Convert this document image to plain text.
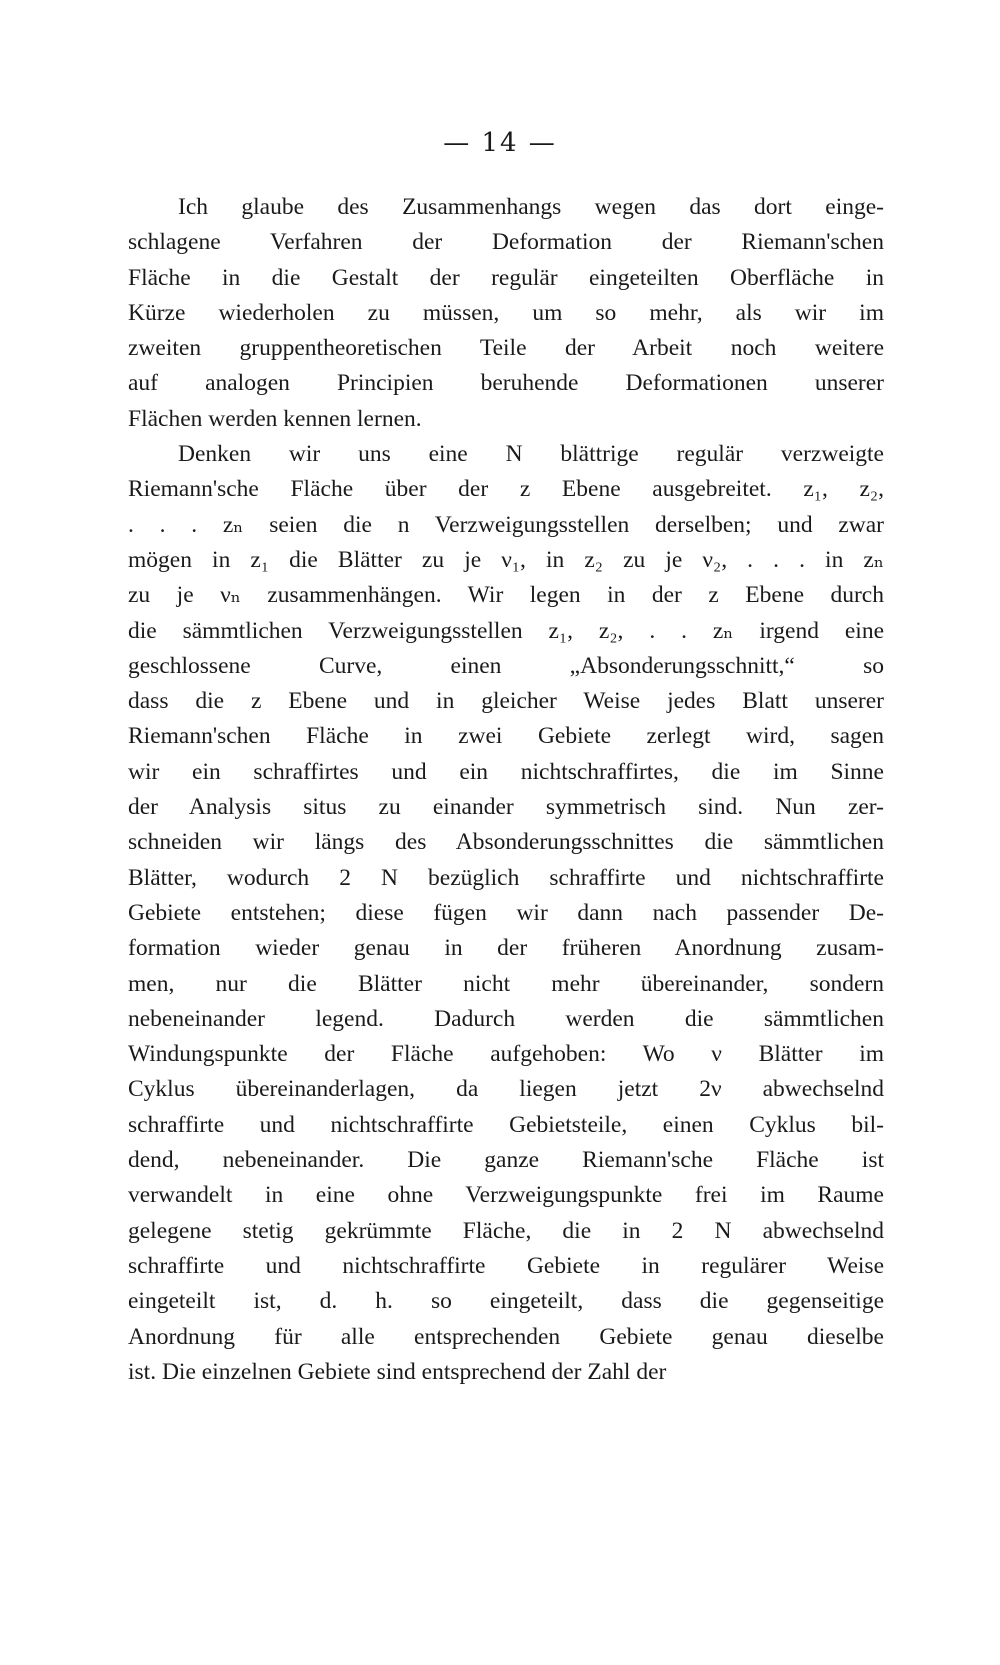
— 14 —
Ich glaube des Zusammenhangs wegen das dort einge-
schlagene Verfahren der Deformation der Riemann'schen
Fläche in die Gestalt der regulär eingeteilten Oberfläche in
Kürze wiederholen zu müssen, um so mehr, als wir im
zweiten gruppentheoretischen Teile der Arbeit noch weitere
auf analogen Principien beruhende Deformationen unserer
Flächen werden kennen lernen.
Denken wir uns eine N blättrige regulär verzweigte
Riemann'sche Fläche über der z Ebene ausgebreitet. z₁, z₂,
. . . zₙ seien die n Verzweigungsstellen derselben; und zwar
mögen in z₁ die Blätter zu je ν₁, in z₂ zu je ν₂, . . . in zₙ
zu je νₙ zusammenhängen. Wir legen in der z Ebene durch
die sämmtlichen Verzweigungsstellen z₁, z₂, . . zₙ irgend eine
geschlossene Curve, einen „Absonderungsschnitt,“ so
dass die z Ebene und in gleicher Weise jedes Blatt unserer
Riemann'schen Fläche in zwei Gebiete zerlegt wird, sagen
wir ein schraffirtes und ein nichtschraffirtes, die im Sinne
der Analysis situs zu einander symmetrisch sind. Nun zer-
schneiden wir längs des Absonderungsschnittes die sämmtlichen
Blätter, wodurch 2 N bezüglich schraffirte und nichtschraffirte
Gebiete entstehen; diese fügen wir dann nach passender De-
formation wieder genau in der früheren Anordnung zusam-
men, nur die Blätter nicht mehr übereinander, sondern
nebeneinander legend. Dadurch werden die sämmtlichen
Windungspunkte der Fläche aufgehoben: Wo ν Blätter im
Cyklus übereinanderlagen, da liegen jetzt 2ν abwechselnd
schraffirte und nichtschraffirte Gebietsteile, einen Cyklus bil-
dend, nebeneinander. Die ganze Riemann'sche Fläche ist
verwandelt in eine ohne Verzweigungspunkte frei im Raume
gelegene stetig gekrümmte Fläche, die in 2 N abwechselnd
schraffirte und nichtschraffirte Gebiete in regulärer Weise
eingeteilt ist, d. h. so eingeteilt, dass die gegenseitige
Anordnung für alle entsprechenden Gebiete genau dieselbe
ist. Die einzelnen Gebiete sind entsprechend der Zahl der
